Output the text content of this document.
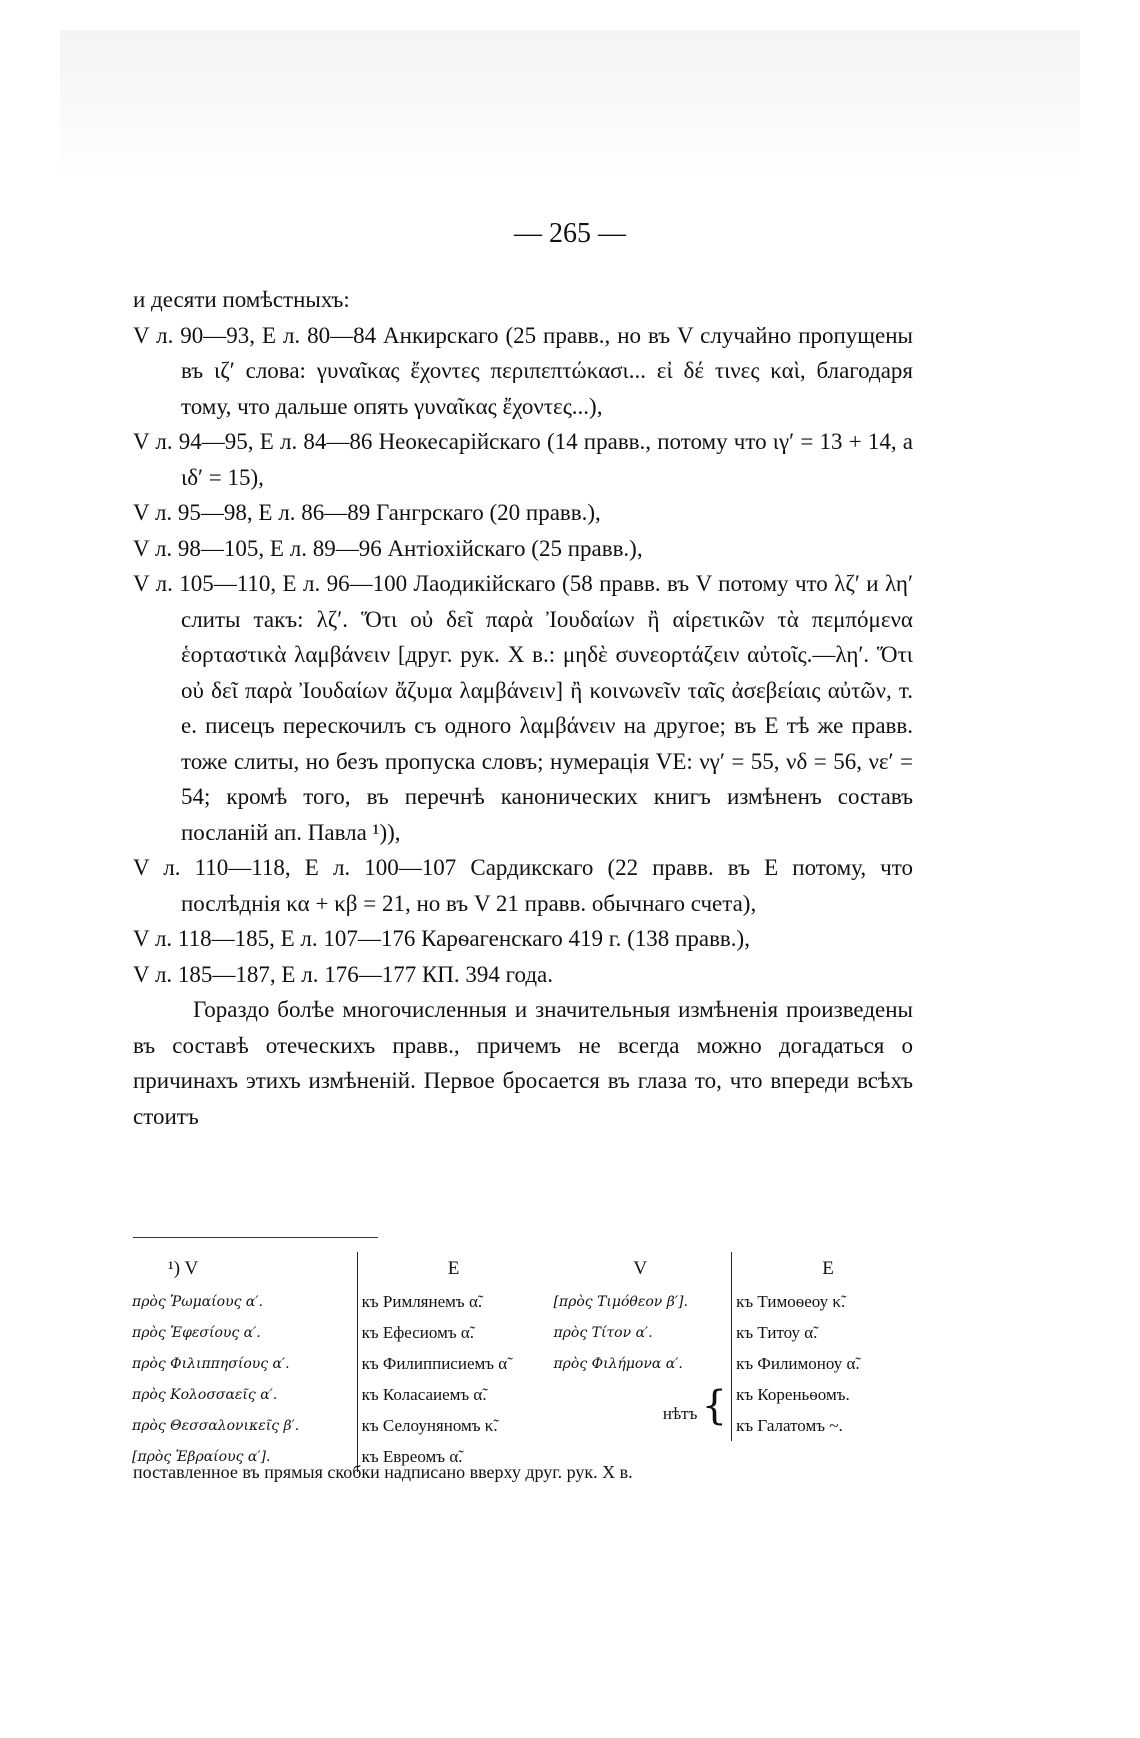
— 265 —

и десяти помѣстныхъ:

V л. 90—93, Е л. 80—84 Анкирскаго (25 правв., но въ V случайно пропущены въ ιζ′ слова: γυναῖκας ἔχοντες περιπεπτώκασι... εἰ δέ τινες καὶ, благодаря тому, что дальше опять γυναῖκας ἔχοντες...),

V л. 94—95, Е л. 84—86 Неокесарійскаго (14 правв., потому что ιγ′ = 13 + 14, а ιδ′ = 15),

V л. 95—98, Е л. 86—89 Гангрскаго (20 правв.),

V л. 98—105, Е л. 89—96 Антіохійскаго (25 правв.),

V л. 105—110, Е л. 96—100 Лаодикійскаго (58 правв. въ V потому что λζ′ и λη′ слиты такъ: λζ′. Ὅτι οὐ δεῖ παρὰ Ἰουδαίων ἢ αἱρετικῶν τὰ πεμπόμενα ἑορταστικὰ λαμβάνειν [друг. рук. Х в.: μηδὲ συνεορτάζειν αὐτοῖς.—λη′. Ὅτι οὐ δεῖ παρὰ Ἰουδαίων ἄζυμα λαμβάνειν] ἢ κοινωνεῖν ταῖς ἀσεβείαις αὐτῶν, т. е. писецъ перескочилъ съ одного λαμβάνειν на другое; въ Е тѣ же правв. тоже слиты, но безъ пропуска словъ; нумерація VE: νγ′ = 55, νδ = 56, νε′ = 54; кромѣ того, въ перечнѣ канонических книгъ измѣненъ составъ посланій ап. Павла ¹)),

V л. 110—118, Е л. 100—107 Сардикскаго (22 правв. въ Е потому, что послѣднія κα + κβ = 21, но въ V 21 правв. обычнаго счета),

V л. 118—185, Е л. 107—176 Карѳагенскаго 419 г. (138 правв.),

V л. 185—187, Е л. 176—177 КП. 394 года.

Гораздо болѣе многочисленныя и значительныя измѣненія произведены въ составѣ отеческихъ правв., причемъ не всегда можно догадаться о причинахъ этихъ измѣненій. Первое бросается въ глаза то, что впереди всѣхъ стоитъ

¹) V	Е	V	Е
πρὸς Ῥωμαίους α′.	къ Римлянемъ α̃.	[πρὸς Τιμόθεον β′].	къ Тимоѳеоу κ̃.
πρὸς Ἐφεσίους α′.	къ Ефесиомъ α̃.	πρὸς Τίτον α′.	къ Титоу α̃.
πρὸς Φιλιππησίους α′.	къ Филипписиемъ α̃	πρὸς Φιλήμονα α′.	къ Филимоноу α̃.
πρὸς Κολοσσαεῖς α′.	къ Коласаиемъ α̃.	нѣтъ {	къ Кореньѳомъ.
πρὸς Θεσσαλονικεῖς β′.	къ Селоуняномъ κ̃.		къ Галатомъ ~.
[πρὸς Ἑβραίους α′].	къ Евреомъ α̃.		
поставленное въ прямыя скобки надписано вверху друг. рук. Х в.
